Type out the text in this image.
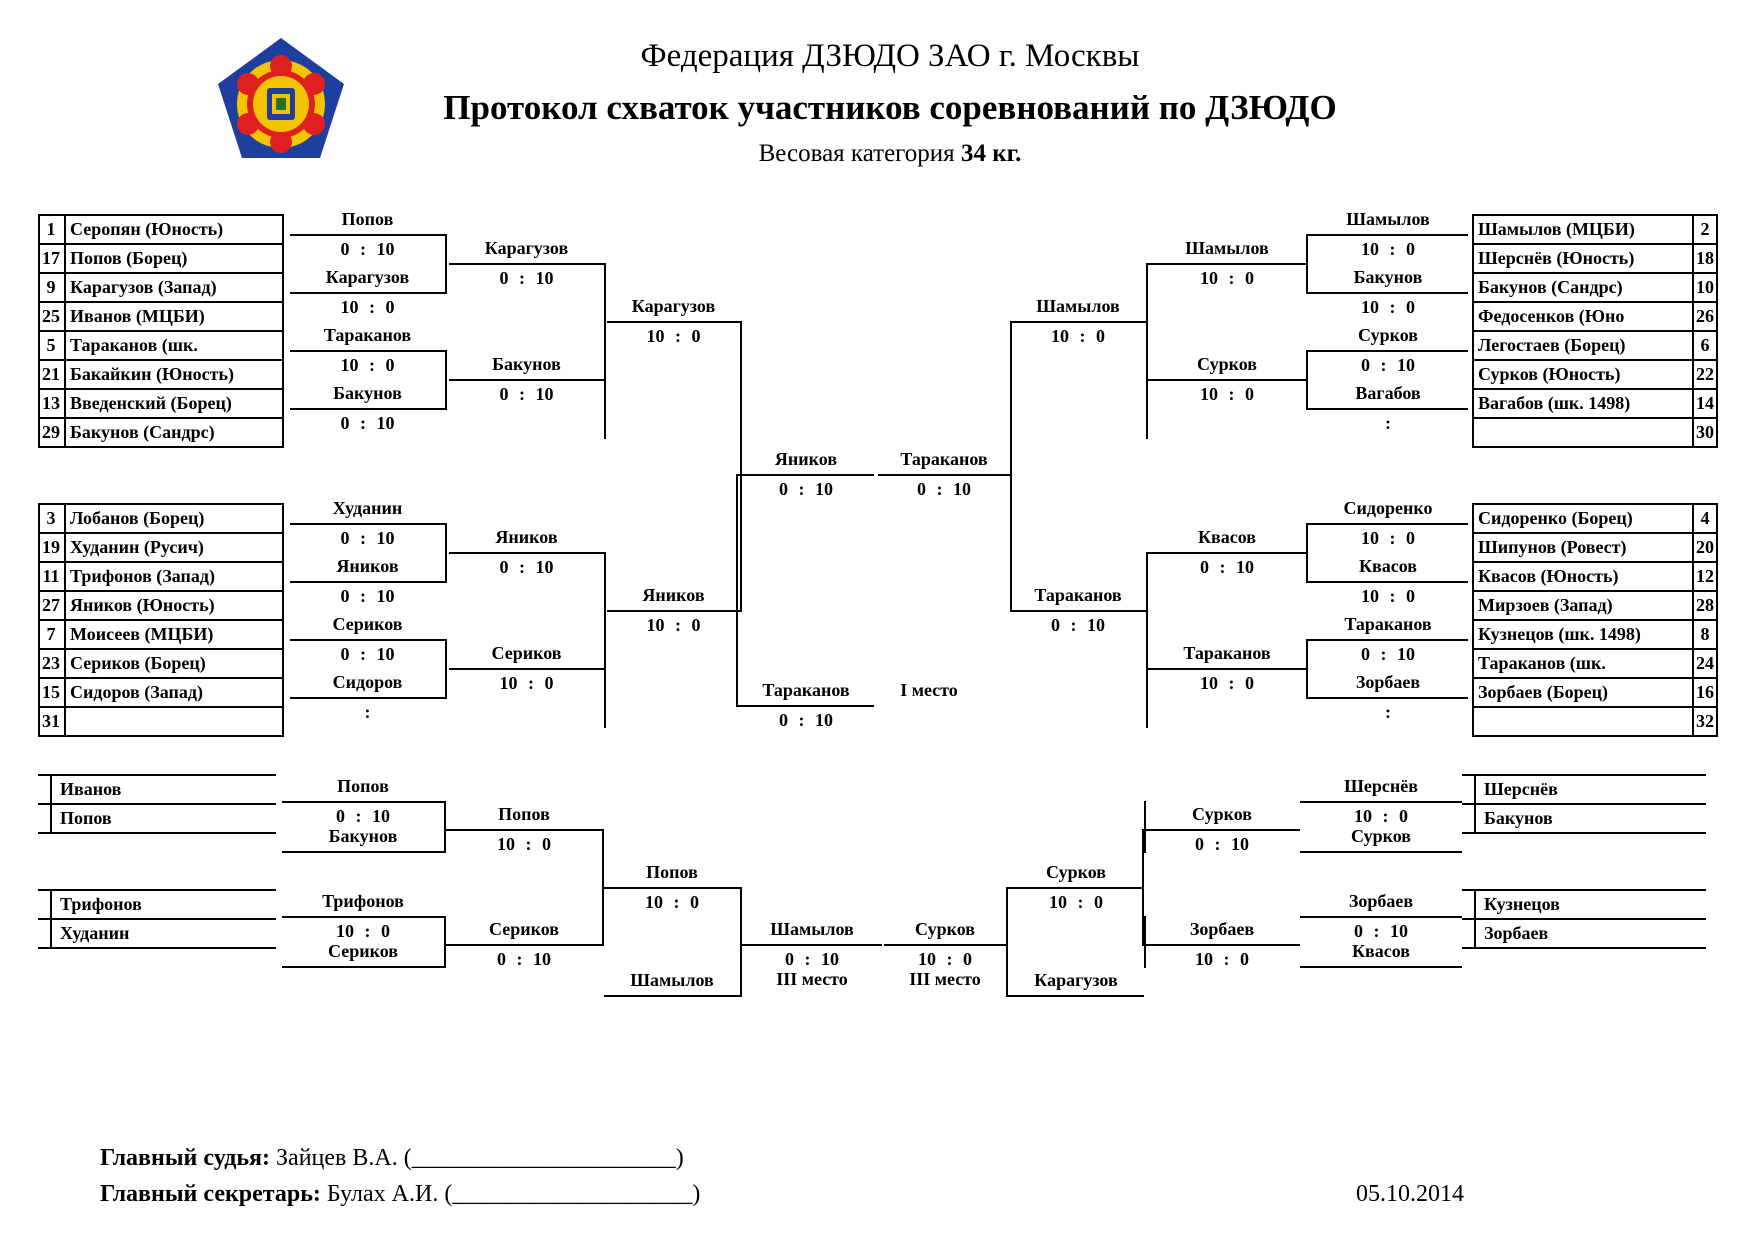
Федерация ДЗЮДО ЗАО г. Москвы
Протокол схваток участников соревнований по ДЗЮДО
Весовая категория 34 кг.
1 Серопян (Юность)
17 Попов (Борец)
9 Карагузов (Запад)
25 Иванов (МЦБИ)
5 Тараканов (шк.
21 Бакайкин (Юность)
13 Введенский (Борец)
29 Бакунов (Сандрс)
3 Лобанов (Борец)
19 Худанин (Русич)
11 Трифонов (Запад)
27 Яников (Юность)
7 Моисеев (МЦБИ)
23 Сериков (Борец)
15 Сидоров (Запад)
31
2
Шамылов (МЦБИ)
18
Шерснёв (Юность)
10
Бакунов (Сандрс)
26
Федосенков (Юно
6
Легостаев (Борец)
22
Сурков (Юность)
14
Вагабов (шк. 1498)
30
4
Сидоренко (Борец)
20
Шипунов (Ровест)
12
Квасов (Юность)
28
Мирзоев (Запад)
8
Кузнецов (шк. 1498)
24
Тараканов (шк.
16
Зорбаев (Борец)
32
Попов
0 : 10
Карагузов
10 : 0
Тараканов
10 : 0
Бакунов
0 : 10
Карагузов
0 : 10
Бакунов
0 : 10
Карагузов
10 : 0
Худанин
0 : 10
Яников
0 : 10
Сериков
0 : 10
Сидоров
:
Яников
0 : 10
Сериков
10 : 0
Яников
10 : 0
Яников
0 : 10
Шамылов
10 : 0
Бакунов
10 : 0
Сурков
0 : 10
Вагабов
:
Шамылов
10 : 0
Сурков
10 : 0
Шамылов
10 : 0
Сидоренко
10 : 0
Квасов
10 : 0
Тараканов
0 : 10
Зорбаев
:
Квасов
0 : 10
Тараканов
10 : 0
Тараканов
0 : 10
Тараканов
0 : 10
Тараканов
0 : 10
I место
Иванов
Попов
Трифонов
Худанин
Попов
0 : 10
Бакунов
Трифонов
10 : 0
Сериков
Попов
10 : 0
Сериков
0 : 10
Попов
10 : 0
Шамылов
Шамылов
0 : 10
III место
Шерснёв
Бакунов
Кузнецов
Зорбаев
Шерснёв
10 : 0
Сурков
Зорбаев
0 : 10
Квасов
Сурков
0 : 10
Зорбаев
10 : 0
Сурков
10 : 0
Карагузов
Сурков
10 : 0
III место
Главный судья: Зайцев В.А. (______________________)
Главный секретарь: Булах А.И. (____________________)	05.10.2014
